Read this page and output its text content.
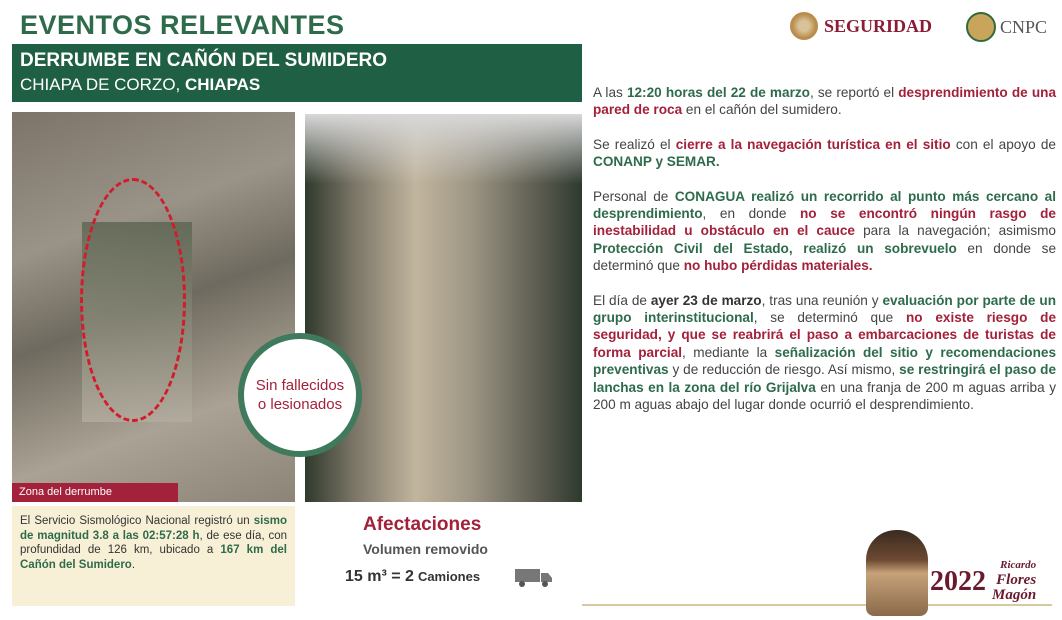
EVENTOS RELEVANTES	SEGURIDAD	CNPC
DERRUMBE EN CAÑÓN DEL SUMIDERO
CHIAPA DE CORZO, CHIAPAS
Zona del derrumbe
Sin fallecidos o lesionados
El Servicio Sismológico Nacional registró un sismo de magnitud 3.8 a las 02:57:28 h, de ese día, con profundidad de 126 km, ubicado a 167 km del Cañón del Sumidero.
Afectaciones
Volumen removido
15 m³ = 2 Camiones

A las 12:20 horas del 22 de marzo, se reportó el desprendimiento de una pared de roca en el cañón del sumidero.

Se realizó el cierre a la navegación turística en el sitio con el apoyo de CONANP y SEMAR.

Personal de CONAGUA realizó un recorrido al punto más cercano al desprendimiento, en donde no se encontró ningún rasgo de inestabilidad u obstáculo en el cauce para la navegación; asimismo Protección Civil del Estado, realizó un sobrevuelo en donde se determinó que no hubo pérdidas materiales.

El día de ayer 23 de marzo, tras una reunión y evaluación por parte de un grupo interinstitucional, se determinó que no existe riesgo de seguridad, y que se reabrirá el paso a embarcaciones de turistas de forma parcial, mediante la señalización del sitio y recomendaciones preventivas y de reducción de riesgo. Así mismo, se restringirá el paso de lanchas en la zona del río Grijalva en una franja de 200 m aguas arriba y 200 m aguas abajo del lugar donde ocurrió el desprendimiento.

2022
Ricardo
Flores
Magón
